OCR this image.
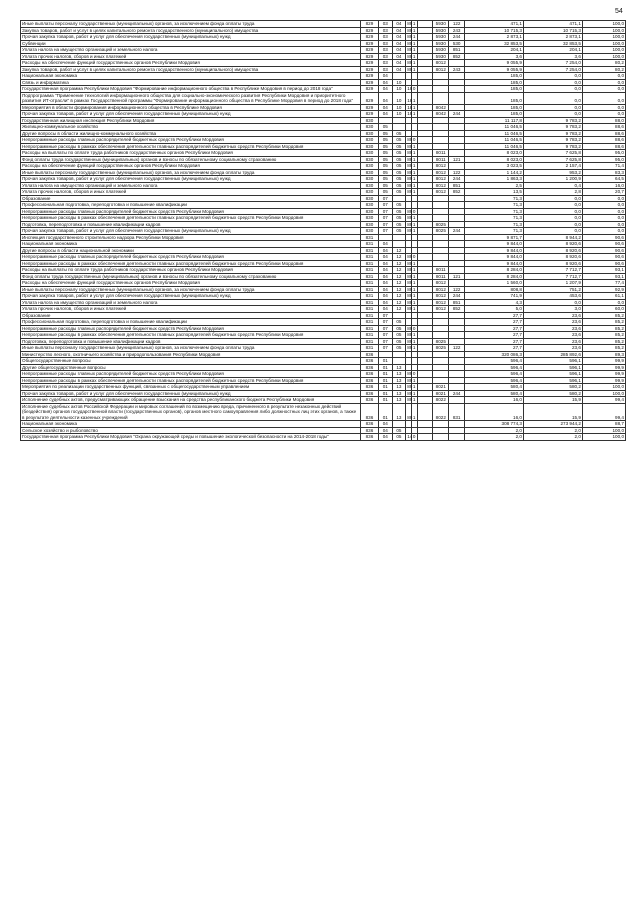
54
Иные выплаты персоналу государственных (муниципальных) органов, за исключением фонда оплаты труда	829	03	04	89	1		5930	122	471,1	471,1	100,0
Закупка товаров, работ и услуг в целях капитального ремонта государственного (муниципального) имущества	829	03	04	89	1		5930	243	10 715,3	10 715,3	100,0
Прочая закупка товаров, работ и услуг для обеспечения государственных (муниципальных) нужд	829	03	04	89	1		5930	244	2 873,1	2 873,1	100,0
Субвенции	829	03	04	89	1		5930	530	32 853,5	32 853,5	100,0
Уплата налога на имущество организаций и земельного налога	829	03	04	89	1		5930	851	204,1	204,1	100,0
Уплата прочих налогов, сборов и иных платежей	829	03	04	89	1		5930	852	3,6	3,6	100,0
Расходы на обеспечение функций государственных органов Республики Мордовия	829	03	04	89	1		8012		9 055,9	7 254,0	80,2
Закупка товаров, работ и услуг в целях капитального ремонта государственного (муниципального) имущества	829	03	04	89	1		8012	243	9 055,9	7 254,0	80,2
Национальная экономика	829	04							185,0	0,0	0,0
Связь и информатика	829	04	10						185,0	0,0	0,0
Государственная программа Республики Мордовия "Формирование информационного общества в Республике Мордовия в период до 2018 года"	829	04	10	18	0				185,0	0,0	0,0
Подпрограмма "Применение технологий информационного общества для социально-экономического развития Республики Мордовия и приоритетного развития ИТ-отрасли" в рамках Государственной программы "Формирование информационного общества в Республике Мордовия в период до 2018 года"	829	04	10	18	1				185,0	0,0	0,0
Мероприятия в области формирования информационного общества в Республике Мордовия	829	04	10	18	1		8042		185,0	0,0	0,0
Прочая закупка товаров, работ и услуг для обеспечения государственных (муниципальных) нужд	829	04	10	18	1		8042	244	185,0	0,0	0,0
Государственная жилищная инспекция Республики Мордовия	830								11 117,8	9 783,2	88,0
Жилищно-коммунальное хозяйство	830	05							11 046,5	9 783,2	88,6
Другие вопросы в области жилищно-коммунального хозяйства	830	05	05						11 046,5	9 783,2	88,6
Непрограммные расходы главных распорядителей бюджетных средств Республики Мордовия	830	05	05	89	0				11 046,5	9 783,2	88,6
Непрограммные расходы в рамках обеспечения деятельности главных распорядителей бюджетных средств Республики Мордовия	830	05	05	89	1				11 046,5	9 783,2	88,6
Расходы на выплаты по оплате труда работников государственных органов Республики Мордовия	830	05	05	89	1		8011		8 023,0	7 625,8	95,0
Фонд оплаты труда государственных (муниципальных) органов и взносы по обязательному социальному страхованию	830	05	05	89	1		8011	121	8 023,0	7 625,8	95,0
Расходы на обеспечение функций государственных органов Республики Мордовия	830	05	05	89	1		8012		3 023,5	2 157,4	71,4
Иные выплаты персоналу государственных (муниципальных) органов, за исключением фонда оплаты труда	830	05	05	89	1		8012	122	1 144,2	953,2	83,3
Прочая закупка товаров, работ и услуг для обеспечения государственных (муниципальных) нужд	830	05	05	89	1		8012	244	1 863,3	1 200,9	64,5
Уплата налога на имущество организаций и земельного налога	830	05	05	89	1		8012	851	2,5	0,4	16,0
Уплата прочих налогов, сборов и иных платежей	830	05	05	89	1		8012	852	13,5	2,8	20,7
Образование	830	07							71,3	0,0	0,0
Профессиональная подготовка, переподготовка и повышение квалификации	830	07	05						71,3	0,0	0,0
Непрограммные расходы главных распорядителей бюджетных средств Республики Мордовия	830	07	05	89	0				71,3	0,0	0,0
Непрограммные расходы в рамках обеспечения деятельности главных распорядителей бюджетных средств Республики Мордовия	830	07	05	89	1				71,3	0,0	0,0
Подготовка, переподготовка и повышение квалификации кадров	830	07	05	89	1		8025		71,3	0,0	0,0
Прочая закупка товаров, работ и услуг для обеспечения государственных (муниципальных) нужд	830	07	05	89	1		8025	244	71,3	0,0	0,0
Инспекция государственного строительного надзора Республики Мордовия	831								9 871,7	8 944,2	90,6
Национальная экономика	831	04							9 844,0	8 920,6	90,6
Другие вопросы в области национальной экономики	831	04	12						9 844,0	8 920,6	90,6
Непрограммные расходы главных распорядителей бюджетных средств Республики Мордовия	831	04	12	89	0				9 844,0	8 920,6	90,6
Непрограммные расходы в рамках обеспечения деятельности главных распорядителей бюджетных средств Республики Мордовия	831	04	12	89	1				9 844,0	8 920,6	90,6
Расходы на выплаты по оплате труда работников государственных органов Республики Мордовия	831	04	12	89	1		8011		8 284,0	7 712,7	93,1
Фонд оплаты труда государственных (муниципальных) органов и взносы по обязательному социальному страхованию	831	04	12	89	1		8011	121	8 284,0	7 712,7	93,1
Расходы на обеспечение функций государственных органов Республики Мордовия	831	04	12	89	1		8012		1 560,0	1 207,9	77,4
Иные выплаты персоналу государственных (муниципальных) органов, за исключением фонда оплаты труда	831	04	12	89	1		8012	122	808,8	751,2	92,9
Прочая закупка товаров, работ и услуг для обеспечения государственных (муниципальных) нужд	831	04	12	89	1		8012	244	741,9	453,6	61,1
Уплата налога на имущество организаций и земельного налога	831	04	12	89	1		8012	851	4,3	0,0	0,0
Уплата прочих налогов, сборов и иных платежей	831	04	12	89	1		8012	852	5,0	3,0	60,0
Образование	831	07							27,7	23,6	85,2
Профессиональная подготовка, переподготовка и повышение квалификации	831	07	05						27,7	23,6	85,2
Непрограммные расходы главных распорядителей бюджетных средств Республики Мордовия	831	07	05	89	0				27,7	23,6	85,2
Непрограммные расходы в рамках обеспечения деятельности главных распорядителей бюджетных средств Республики Мордовия	831	07	05	89	1				27,7	23,6	85,2
Подготовка, переподготовка и повышение квалификации кадров	831	07	05	89	1		8025		27,7	23,6	85,2
Иные выплаты персоналу государственных (муниципальных) органов, за исключением фонда оплаты труда	831	07	05	89	1		8025	122	27,7	23,6	85,2
Министерство лесного, охотничьего хозяйства и природопользования Республики Мордовия	836								320 086,3	285 892,6	89,3
Общегосударственные вопросы	836	01							596,4	596,1	99,9
Другие общегосударственные вопросы	836	01	13						596,4	596,1	99,9
Непрограммные расходы главных распорядителей бюджетных средств Республики Мордовия	836	01	13	89	0				596,4	596,1	99,9
Непрограммные расходы в рамках обеспечения деятельности главных распорядителей бюджетных средств Республики Мордовия	836	01	13	89	1				596,4	596,1	99,9
Мероприятия по реализации государственных функций, связанных с общегосударственным управлением	836	01	13	89	1		8021		580,4	580,2	100,0
Прочая закупка товаров, работ и услуг для обеспечения государственных (муниципальных) нужд	836	01	13	89	1		8021	244	580,4	580,2	100,0
Исполнение судебных актов, предусматривающих обращение взыскания на средства республиканского бюджета Республики Мордовия	836	01	13	89	1		8022		16,0	15,9	99,4
Исполнение судебных актов Российской Федерации и мировых соглашений по возмещению вреда, причиненного в результате незаконных действий (бездействия) органов государственной власти (государственных органов), органов местного самоуправления либо должностных лиц этих органов, а также в результате деятельности казенных учреждений	836	01	13	89	1		8022	831	16,0	15,9	99,4
Национальная экономика	836	04							308 774,3	273 944,2	88,7
Сельское хозяйство и рыболовство	836	04	05						2,0	2,0	100,0
Государственная программа Республики Мордовия "Охрана окружающей среды и повышение экологической безопасности на 2014-2018 годы"	836	04	05	14	0				2,0	2,0	100,0
